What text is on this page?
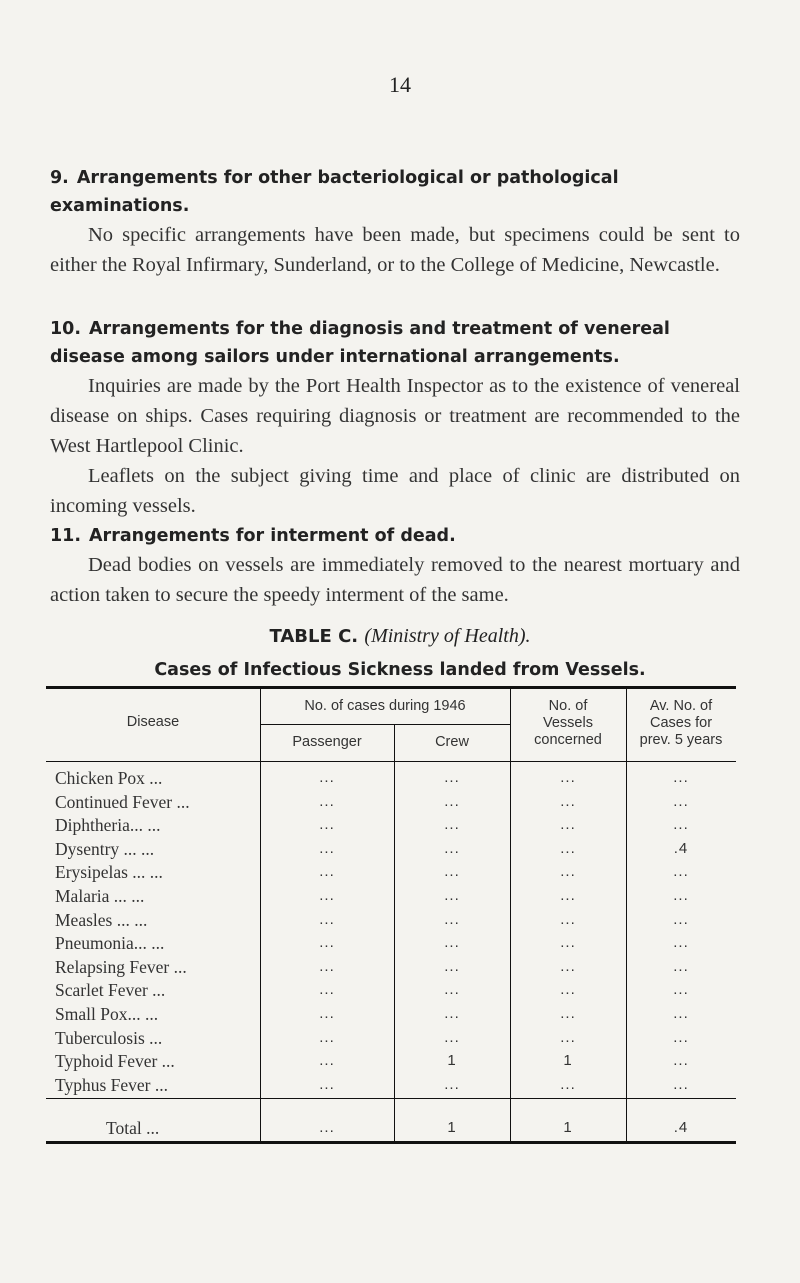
14
9. Arrangements for other bacteriological or pathological examinations.

No specific arrangements have been made, but specimens could be sent to either the Royal Infirmary, Sunderland, or to the College of Medicine, Newcastle.

10. Arrangements for the diagnosis and treatment of venereal disease among sailors under international arrangements.

Inquiries are made by the Port Health Inspector as to the existence of venereal disease on ships. Cases requiring diagnosis or treatment are recommended to the West Hartlepool Clinic.

Leaflets on the subject giving time and place of clinic are distributed on incoming vessels.

11. Arrangements for interment of dead.

Dead bodies on vessels are immediately removed to the nearest mortuary and action taken to secure the speedy interment of the same.

TABLE C. (Ministry of Health).
Cases of Infectious Sickness landed from Vessels.
Disease
No. of cases during 1946
Passenger	Crew
No. of
Vessels
concerned
Av. No. of
Cases for
prev. 5 years
Chicken Pox ...	...	...	...	...
Continued Fever ...	...	...	...	...
Diphtheria... ...	...	...	...	...
Dysentry ... ...	...	...	...	.4
Erysipelas ... ...	...	...	...	...
Malaria ... ...	...	...	...	...
Measles ... ...	...	...	...	...
Pneumonia... ...	...	...	...	...
Relapsing Fever ...	...	...	...	...
Scarlet Fever ...	...	...	...	...
Small Pox... ...	...	...	...	...
Tuberculosis ...	...	...	...	...
Typhoid Fever ...	...	1	1	...
Typhus Fever ...	...	...	...	...
Total ...	...	1	1	.4
